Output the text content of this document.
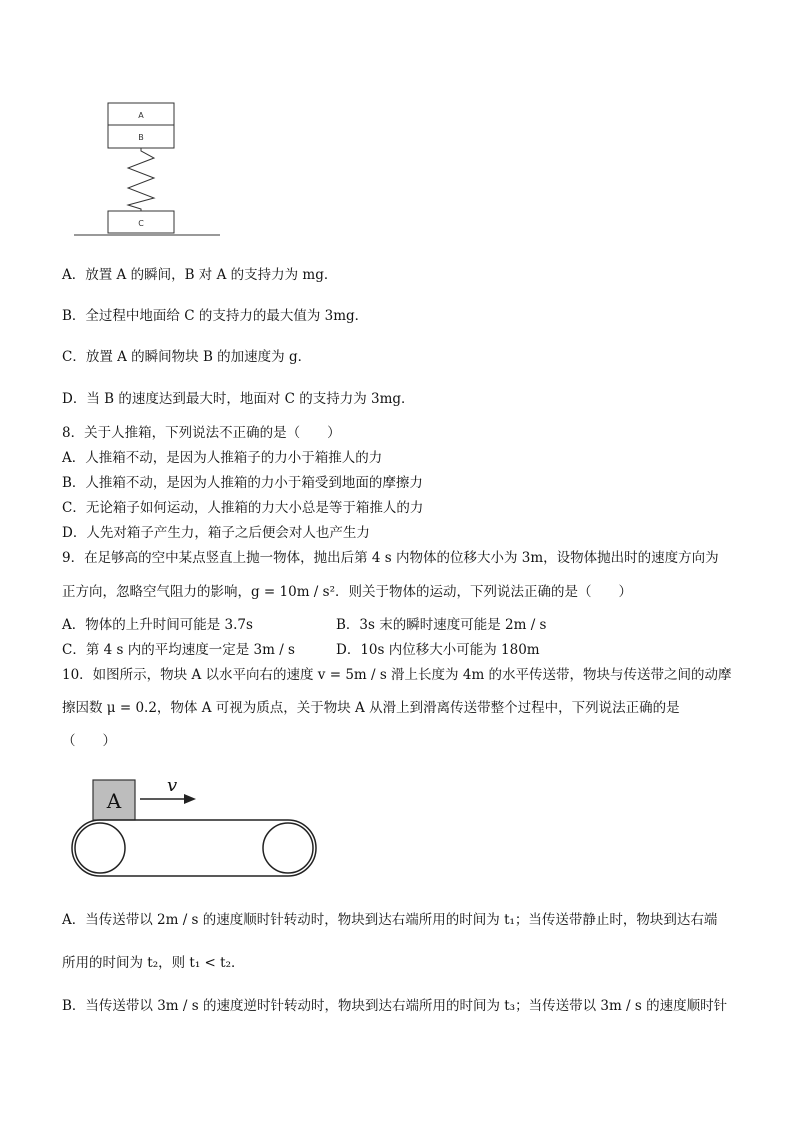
A
B
C
A．放置 A 的瞬间，B 对 A 的支持力为 mg．
B．全过程中地面给 C 的支持力的最大值为 3mg．
C．放置 A 的瞬间物块 B 的加速度为 g．
D．当 B 的速度达到最大时，地面对 C 的支持力为 3mg．
8．关于人推箱，下列说法不正确的是（　　）
A．人推箱不动，是因为人推箱子的力小于箱推人的力
B．人推箱不动，是因为人推箱的力小于箱受到地面的摩擦力
C．无论箱子如何运动，人推箱的力大小总是等于箱推人的力
D．人先对箱子产生力，箱子之后便会对人也产生力
9．在足够高的空中某点竖直上抛一物体，抛出后第 4 s 内物体的位移大小为 3m，设物体抛出时的速度方向为
正方向，忽略空气阻力的影响，g = 10m / s²．则关于物体的运动，下列说法正确的是（　　）
A．物体的上升时间可能是 3.7s	B．3s 末的瞬时速度可能是 2m / s
C．第 4 s 内的平均速度一定是 3m / s	D．10s 内位移大小可能为 180m
10．如图所示，物块 A 以水平向右的速度 v = 5m / s 滑上长度为 4m 的水平传送带，物块与传送带之间的动摩
擦因数 μ = 0.2，物体 A 可视为质点，关于物块 A 从滑上到滑离传送带整个过程中，下列说法正确的是
（　　）
A
v
A．当传送带以 2m / s 的速度顺时针转动时，物块到达右端所用的时间为 t₁；当传送带静止时，物块到达右端
所用的时间为 t₂，则 t₁ < t₂．
B．当传送带以 3m / s 的速度逆时针转动时，物块到达右端所用的时间为 t₃；当传送带以 3m / s 的速度顺时针
